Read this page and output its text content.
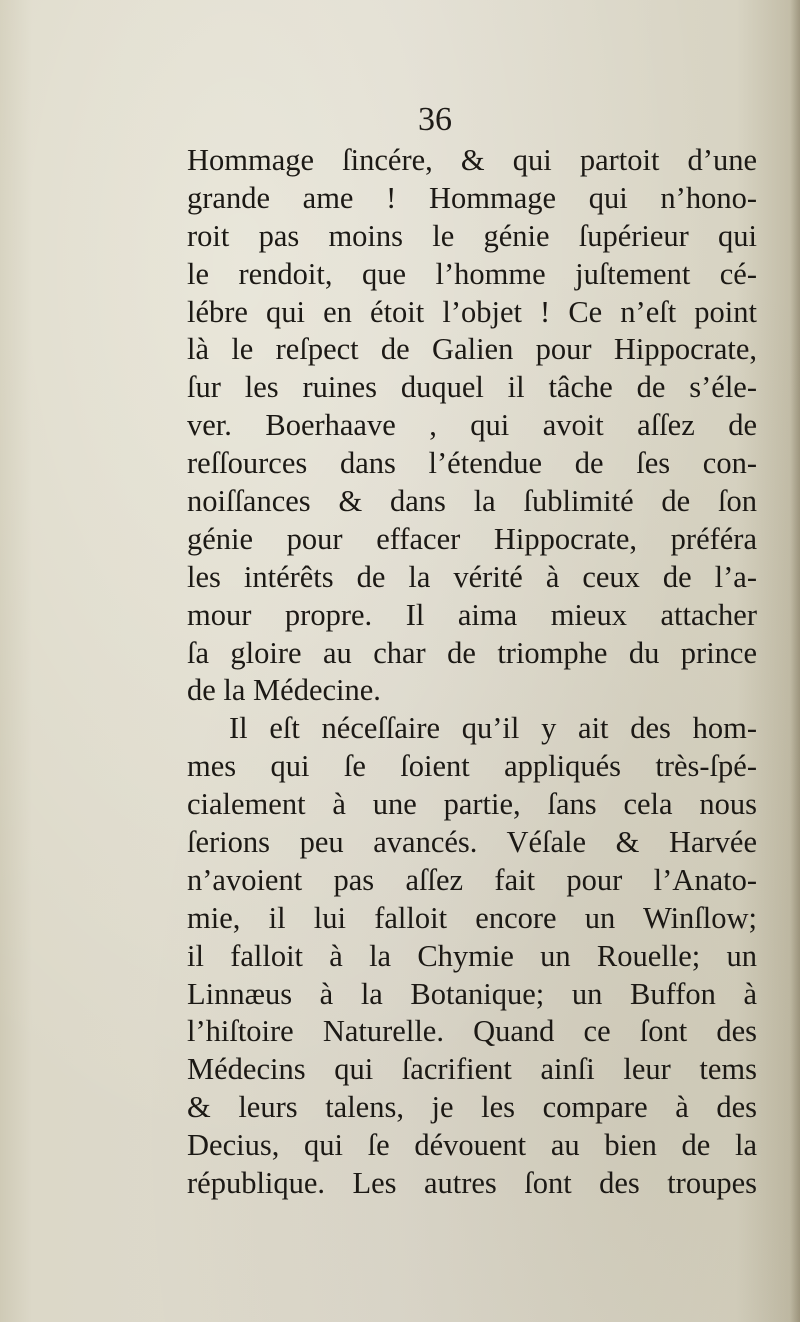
36
Hommage ſincére, & qui partoit d’une
grande ame ! Hommage qui n’hono-
roit pas moins le génie ſupérieur qui
le rendoit, que l’homme juſtement cé-
lébre qui en étoit l’objet ! Ce n’eſt point
là le reſpect de Galien pour Hippocrate,
ſur les ruines duquel il tâche de s’éle-
ver. Boerhaave , qui avoit aſſez de
reſſources dans l’étendue de ſes con-
noiſſances & dans la ſublimité de ſon
génie pour effacer Hippocrate, préféra
les intérêts de la vérité à ceux de l’a-
mour propre. Il aima mieux attacher
ſa gloire au char de triomphe du prince
de la Médecine.
Il eſt néceſſaire qu’il y ait des hom-
mes qui ſe ſoient appliqués très-ſpé-
cialement à une partie, ſans cela nous
ſerions peu avancés. Véſale & Harvée
n’avoient pas aſſez fait pour l’Anato-
mie, il lui falloit encore un Winſlow;
il falloit à la Chymie un Rouelle; un
Linnæus à la Botanique; un Buffon à
l’hiſtoire Naturelle. Quand ce ſont des
Médecins qui ſacrifient ainſi leur tems
& leurs talens, je les compare à des
Decius, qui ſe dévouent au bien de la
république. Les autres ſont des troupes
